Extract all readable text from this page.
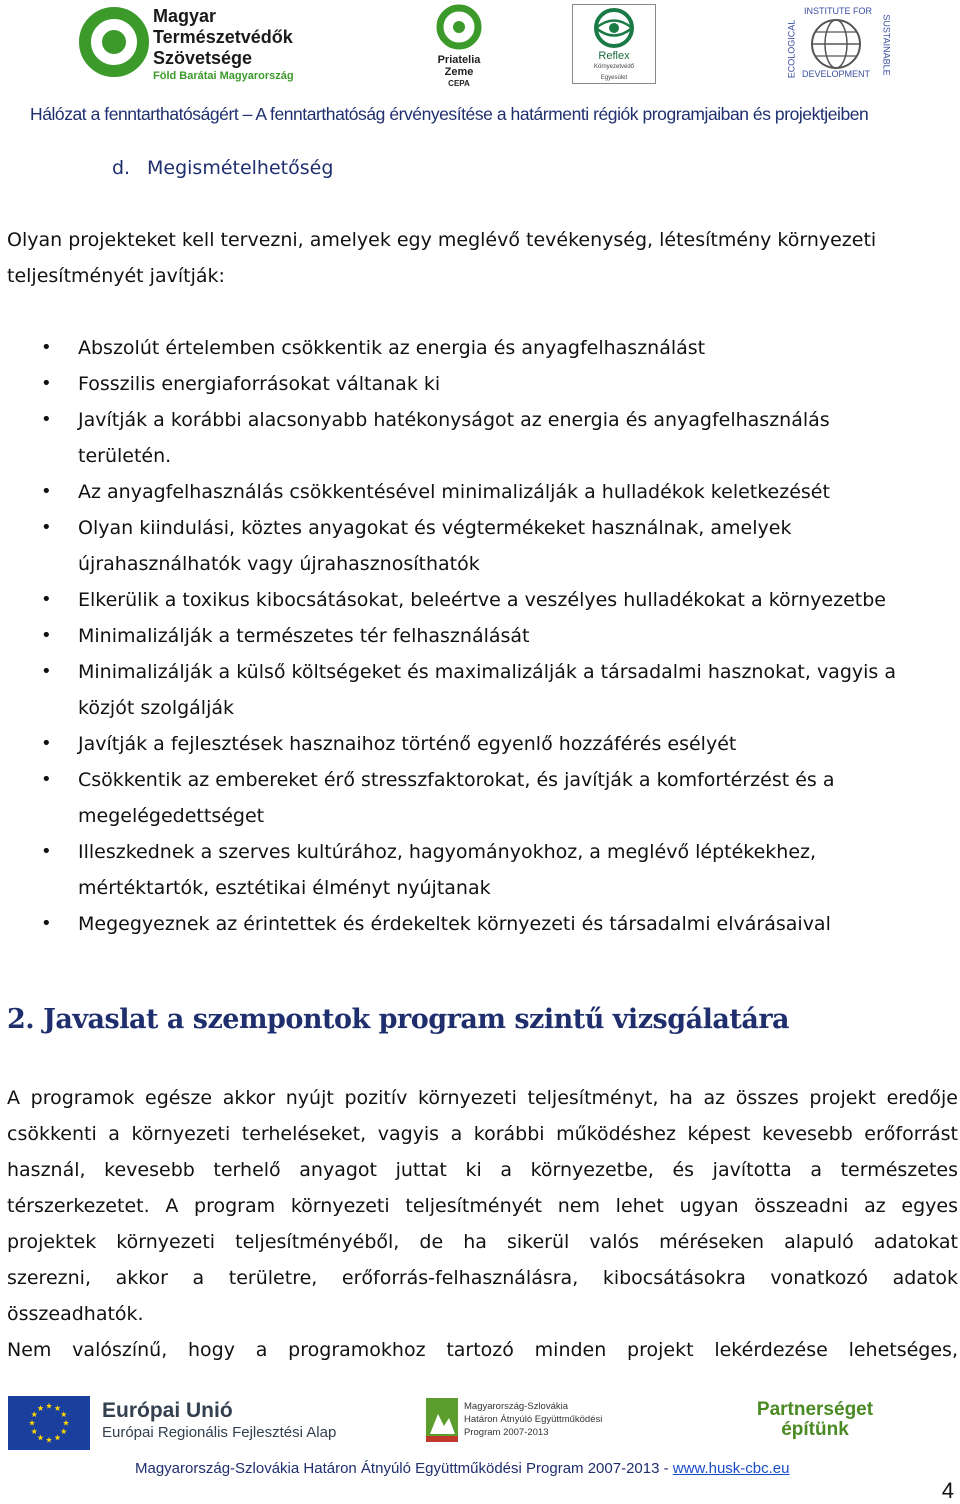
Magyar
Természetvédők
Szövetsége
Föld Barátai Magyarország
Priatelia
Zeme
CEPA
Reflex
Környezetvédő
Egyesület
INSTITUTE FOR
ECOLOGICAL DEVELOPMENT SUSTAINABLE
Hálózat a fenntarthatóságért – A fenntarthatóság érvényesítése a határmenti régiók programjaiban és projektjeiben
d. Megismételhetőség
Olyan projekteket kell tervezni, amelyek egy meglévő tevékenység, létesítmény környezeti
teljesítményét javítják:
• Abszolút értelemben csökkentik az energia és anyagfelhasználást
• Fosszilis energiaforrásokat váltanak ki
• Javítják a korábbi alacsonyabb hatékonyságot az energia és anyagfelhasználás
területén.
• Az anyagfelhasználás csökkentésével minimalizálják a hulladékok keletkezését
• Olyan kiindulási, köztes anyagokat és végtermékeket használnak, amelyek
újrahasználhatók vagy újrahasznosíthatók
• Elkerülik a toxikus kibocsátásokat, beleértve a veszélyes hulladékokat a környezetbe
• Minimalizálják a természetes tér felhasználását
• Minimalizálják a külső költségeket és maximalizálják a társadalmi hasznokat, vagyis a
közjót szolgálják
• Javítják a fejlesztések hasznaihoz történő egyenlő hozzáférés esélyét
• Csökkentik az embereket érő stresszfaktorokat, és javítják a komfortérzést és a
megelégedettséget
• Illeszkednek a szerves kultúrához, hagyományokhoz, a meglévő léptékekhez,
mértéktartók, esztétikai élményt nyújtanak
• Megegyeznek az érintettek és érdekeltek környezeti és társadalmi elvárásaival
2. Javaslat a szempontok program szintű vizsgálatára
A programok egésze akkor nyújt pozitív környezeti teljesítményt, ha az összes projekt eredője
csökkenti a környezeti terheléseket, vagyis a korábbi működéshez képest kevesebb erőforrást
használ, kevesebb terhelő anyagot juttat ki a környezetbe, és javította a természetes
térszerkezetet. A program környezeti teljesítményét nem lehet ugyan összeadni az egyes
projektek környezeti teljesítményéből, de ha sikerül valós méréseken alapuló adatokat
szerezni, akkor a területre, erőforrás-felhasználásra, kibocsátásokra vonatkozó adatok
összeadhatók.
Nem valószínű, hogy a programokhoz tartozó minden projekt lekérdezése lehetséges,
Európai Unió
Európai Regionális Fejlesztési Alap
Magyarország-Szlovákia
Határon Átnyúló Együttműködési
Program 2007-2013
Partnerséget
építünk
Magyarország-Szlovákia Határon Átnyúló Együttműködési Program 2007-2013 - www.husk-cbc.eu
4
